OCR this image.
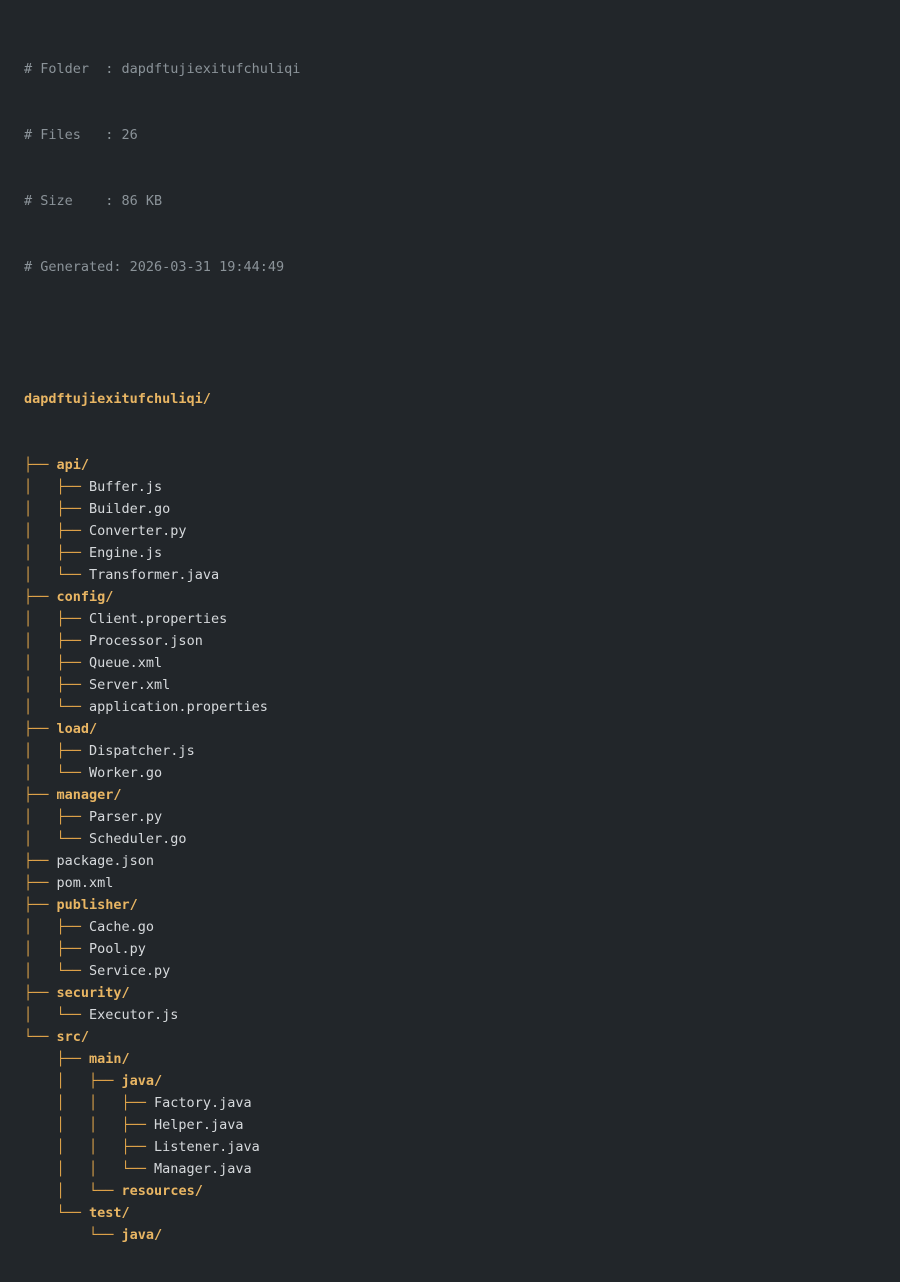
# Folder  : dapdftujiexitufchuliqi

# Files   : 26

# Size    : 86 KB

# Generated: 2026-03-31 19:44:49

dapdftujiexitufchuliqi/

├── api/
│   ├── Buffer.js
│   ├── Builder.go
│   ├── Converter.py
│   ├── Engine.js
│   └── Transformer.java
├── config/
│   ├── Client.properties
│   ├── Processor.json
│   ├── Queue.xml
│   ├── Server.xml
│   └── application.properties
├── load/
│   ├── Dispatcher.js
│   └── Worker.go
├── manager/
│   ├── Parser.py
│   └── Scheduler.go
├── package.json
├── pom.xml
├── publisher/
│   ├── Cache.go
│   ├── Pool.py
│   └── Service.py
├── security/
│   └── Executor.js
└── src/
├── main/
│   ├── java/
│   │   ├── Factory.java
│   │   ├── Helper.java
│   │   ├── Listener.java
│   │   └── Manager.java
│   └── resources/
└── test/
└── java/
